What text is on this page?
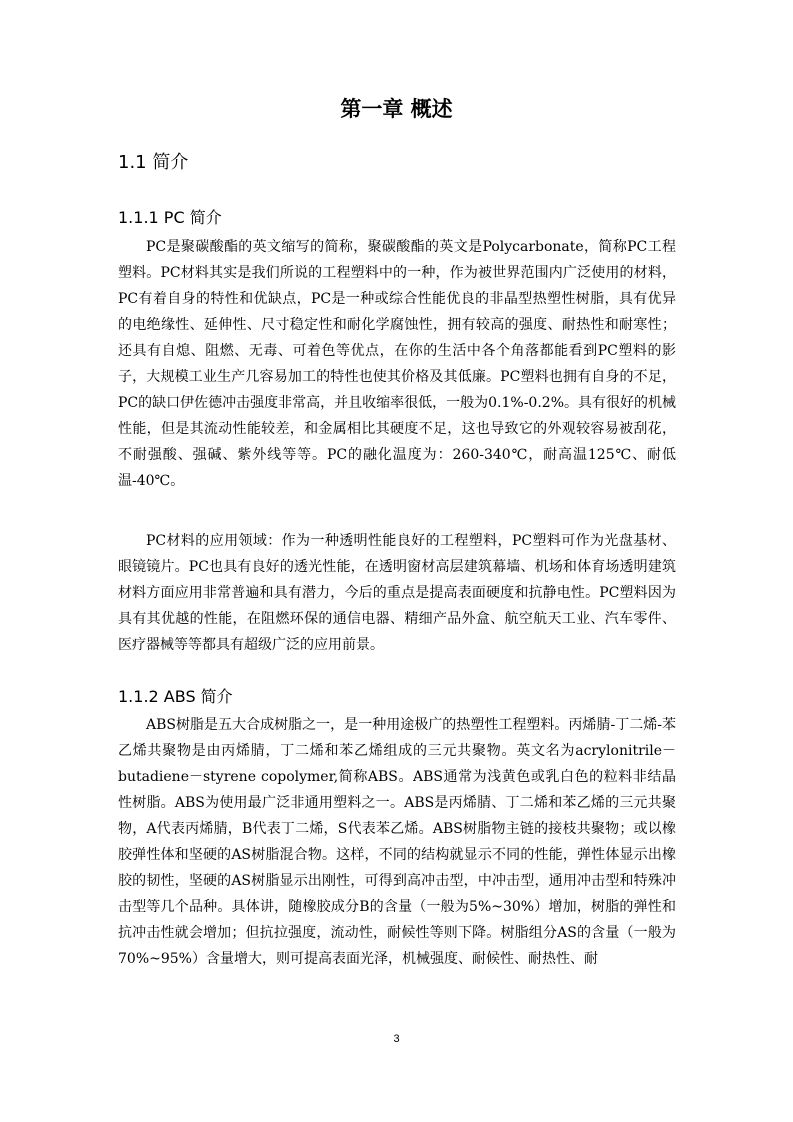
第一章 概述
1.1 简介
1.1.1 PC 简介

PC是聚碳酸酯的英文缩写的简称，聚碳酸酯的英文是Polycarbonate，简称PC工程塑料。PC材料其实是我们所说的工程塑料中的一种，作为被世界范围内广泛使用的材料，PC有着自身的特性和优缺点，PC是一种或综合性能优良的非晶型热塑性树脂，具有优异的电绝缘性、延伸性、尺寸稳定性和耐化学腐蚀性，拥有较高的强度、耐热性和耐寒性；还具有自熄、阻燃、无毒、可着色等优点，在你的生活中各个角落都能看到PC塑料的影子，大规模工业生产几容易加工的特性也使其价格及其低廉。PC塑料也拥有自身的不足，PC的缺口伊佐德冲击强度非常高，并且收缩率很低，一般为0.1%-0.2%。具有很好的机械性能，但是其流动性能较差，和金属相比其硬度不足，这也导致它的外观较容易被刮花，不耐强酸、强碱、紫外线等等。PC的融化温度为：260-340℃，耐高温125℃、耐低温-40℃。

PC材料的应用领域：作为一种透明性能良好的工程塑料，PC塑料可作为光盘基材、眼镜镜片。PC也具有良好的透光性能，在透明窗材高层建筑幕墙、机场和体育场透明建筑材料方面应用非常普遍和具有潜力，今后的重点是提高表面硬度和抗静电性。PC塑料因为具有其优越的性能，在阻燃环保的通信电器、精细产品外盒、航空航天工业、汽车零件、医疗器械等等都具有超级广泛的应用前景。

1.1.2 ABS 简介

ABS树脂是五大合成树脂之一，是一种用途极广的热塑性工程塑料。丙烯腈-丁二烯-苯乙烯共聚物是由丙烯腈，丁二烯和苯乙烯组成的三元共聚物。英文名为acrylonitrile－butadiene－styrene copolymer,简称ABS。ABS通常为浅黄色或乳白色的粒料非结晶性树脂。ABS为使用最广泛非通用塑料之一。ABS是丙烯腈、丁二烯和苯乙烯的三元共聚物，A代表丙烯腈，B代表丁二烯，S代表苯乙烯。ABS树脂物主链的接枝共聚物；或以橡胶弹性体和坚硬的AS树脂混合物。这样，不同的结构就显示不同的性能，弹性体显示出橡胶的韧性，坚硬的AS树脂显示出刚性，可得到高冲击型，中冲击型，通用冲击型和特殊冲击型等几个品种。具体讲，随橡胶成分B的含量（一般为5%~30%）增加，树脂的弹性和抗冲击性就会增加；但抗拉强度，流动性，耐候性等则下降。树脂组分AS的含量（一般为70%~95%）含量增大，则可提高表面光泽，机械强度、耐候性、耐热性、耐

3
